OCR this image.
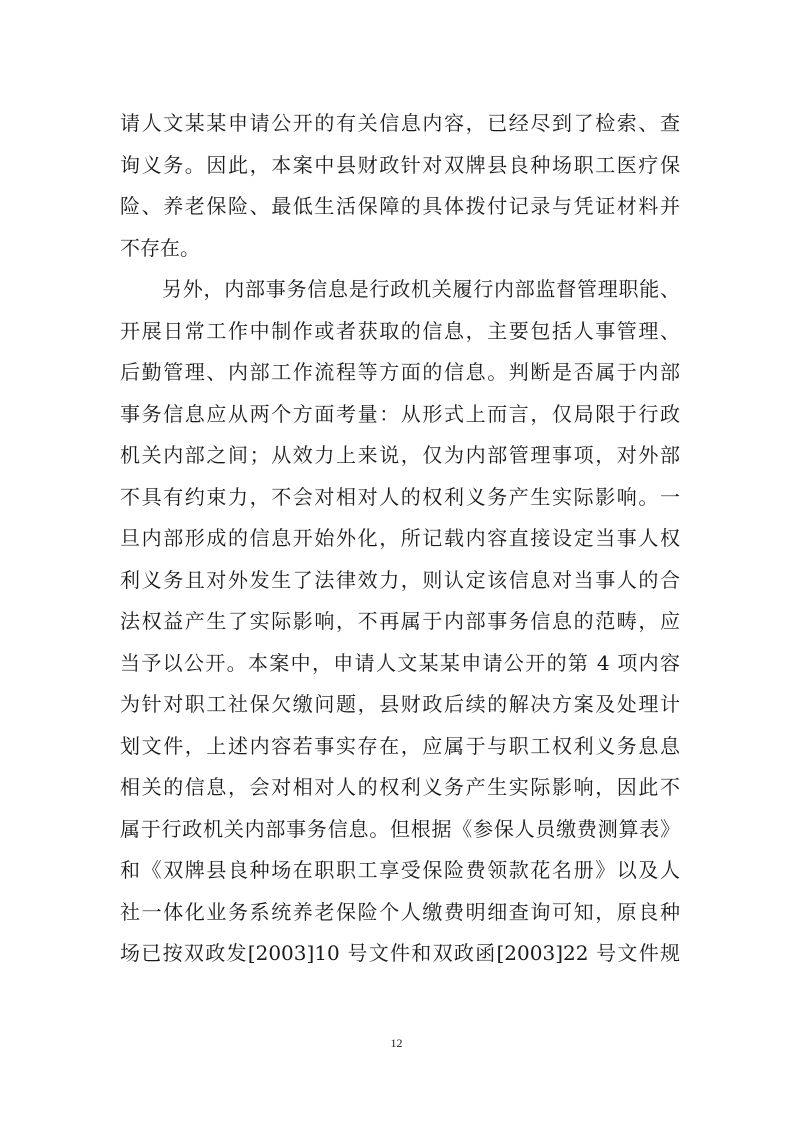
请人文某某申请公开的有关信息内容，已经尽到了检索、查
询义务。因此，本案中县财政针对双牌县良种场职工医疗保
险、养老保险、最低生活保障的具体拨付记录与凭证材料并
不存在。
另外，内部事务信息是行政机关履行内部监督管理职能、
开展日常工作中制作或者获取的信息，主要包括人事管理、
后勤管理、内部工作流程等方面的信息。判断是否属于内部
事务信息应从两个方面考量：从形式上而言，仅局限于行政
机关内部之间；从效力上来说，仅为内部管理事项，对外部
不具有约束力，不会对相对人的权利义务产生实际影响。一
旦内部形成的信息开始外化，所记载内容直接设定当事人权
利义务且对外发生了法律效力，则认定该信息对当事人的合
法权益产生了实际影响，不再属于内部事务信息的范畴，应
当予以公开。本案中，申请人文某某申请公开的第 4 项内容
为针对职工社保欠缴问题，县财政后续的解决方案及处理计
划文件，上述内容若事实存在，应属于与职工权利义务息息
相关的信息，会对相对人的权利义务产生实际影响，因此不
属于行政机关内部事务信息。但根据《参保人员缴费测算表》
和《双牌县良种场在职职工享受保险费领款花名册》以及人
社一体化业务系统养老保险个人缴费明细查询可知，原良种
场已按双政发[2003]10 号文件和双政函[2003]22 号文件规
12
